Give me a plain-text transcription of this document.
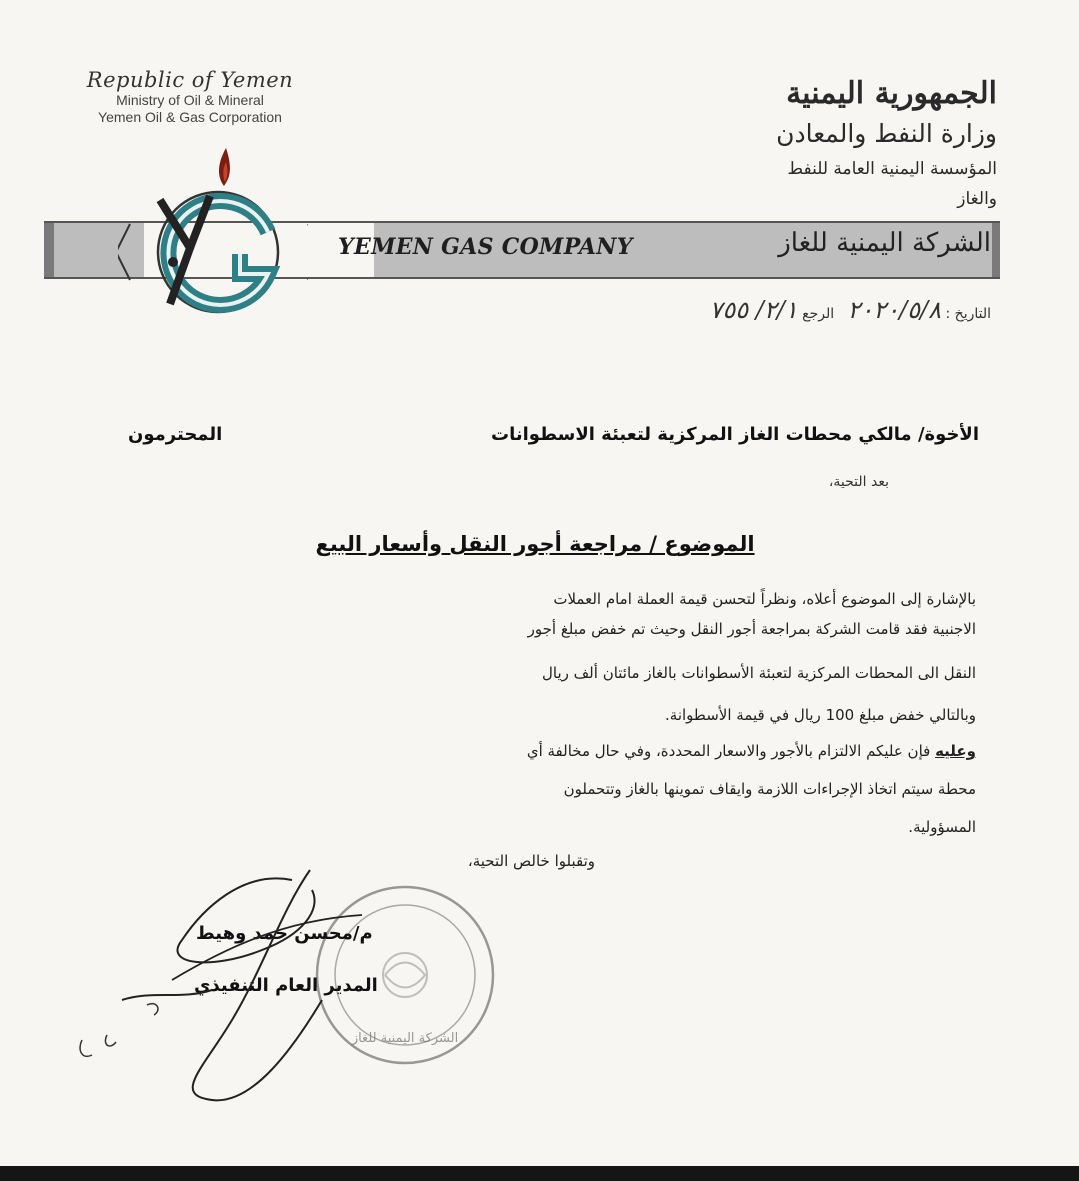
Republic of Yemen
Ministry of Oil & Mineral
Yemen Oil & Gas Corporation
الجمهورية اليمنية
وزارة النفط والمعادن
المؤسسة اليمنية العامة للنفط والغاز
YEMEN GAS COMPANY	الشركة اليمنية للغاز
التاريخ : ٢٠٢٠/٥/٨   الرجع ٢/١/ ٧٥٥
الأخوة/ مالكي محطات الغاز المركزية لتعبئة الاسطوانات
المحترمون
بعد التحية،
الموضوع / مراجعة أجور النقل وأسعار البيع
بالإشارة إلى الموضوع أعلاه، ونظراً لتحسن قيمة العملة امام العملات
الاجنبية فقد قامت الشركة بمراجعة أجور النقل وحيث تم خفض مبلغ أجور
النقل الى المحطات المركزية لتعبئة الأسطوانات بالغاز مائتان ألف ريال
وبالتالي خفض مبلغ 100 ريال في قيمة الأسطوانة.
وعليه فإن عليكم الالتزام بالأجور والاسعار المحددة، وفي حال مخالفة أي
محطة سيتم اتخاذ الإجراءات اللازمة وايقاف تموينها بالغاز وتتحملون
المسؤولية.
وتقبلوا خالص التحية،
الشركة اليمنية للغاز
م/محسن حمد وهيط
المدير العام التنفيذي
